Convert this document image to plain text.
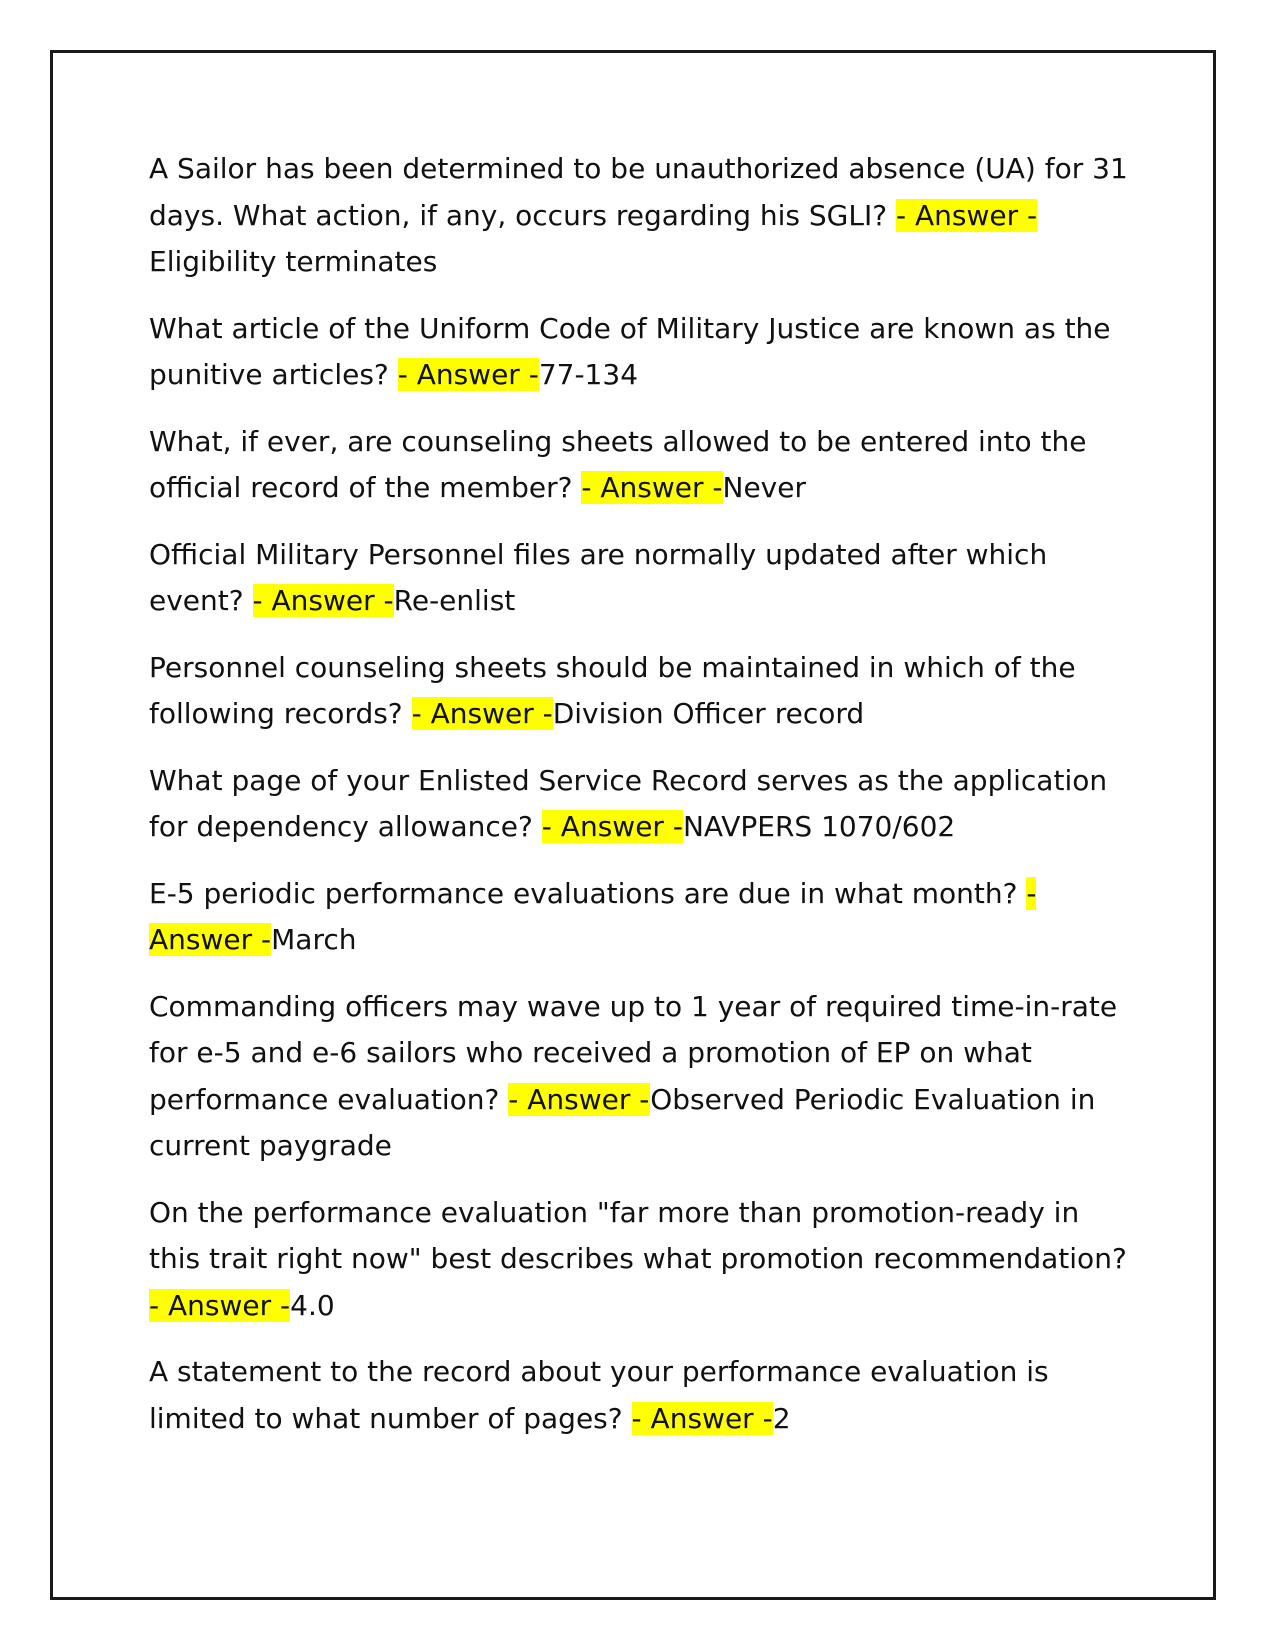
A Sailor has been determined to be unauthorized absence (UA) for 31 days. What action, if any, occurs regarding his SGLI? - Answer -Eligibility terminates
What article of the Uniform Code of Military Justice are known as the punitive articles? - Answer -77-134
What, if ever, are counseling sheets allowed to be entered into the official record of the member? - Answer -Never
Official Military Personnel files are normally updated after which event? - Answer -Re-enlist
Personnel counseling sheets should be maintained in which of the following records? - Answer -Division Officer record
What page of your Enlisted Service Record serves as the application for dependency allowance? - Answer -NAVPERS 1070/602
E-5 periodic performance evaluations are due in what month? - Answer -March
Commanding officers may wave up to 1 year of required time-in-rate for e-5 and e-6 sailors who received a promotion of EP on what performance evaluation? - Answer -Observed Periodic Evaluation in current paygrade
On the performance evaluation "far more than promotion-ready in this trait right now" best describes what promotion recommendation? - Answer -4.0
A statement to the record about your performance evaluation is limited to what number of pages? - Answer -2
